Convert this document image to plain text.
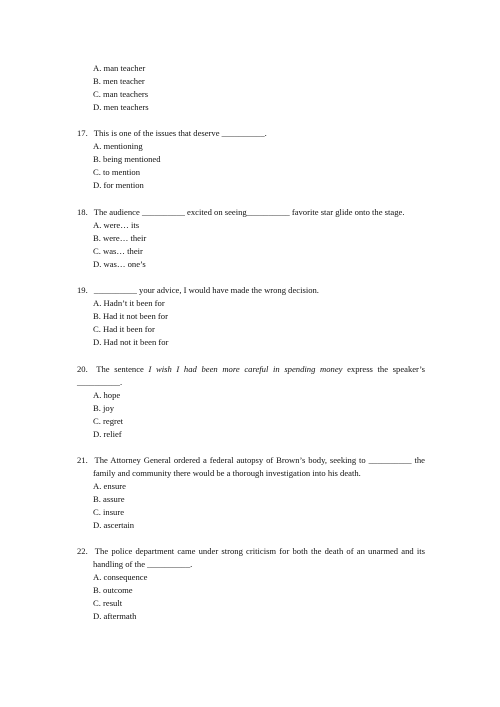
A. man teacher
B. men teacher
C. man teachers
D. men teachers
17. This is one of the issues that deserve __________.
A. mentioning
B. being mentioned
C. to mention
D. for mention
18. The audience __________ excited on seeing__________ favorite star glide onto the stage.
A. were… its
B. were… their
C. was… their
D. was… one’s
19. __________ your advice, I would have made the wrong decision.
A. Hadn’t it been for
B. Had it not been for
C. Had it been for
D. Had not it been for
20. The sentence I wish I had been more careful in spending money express the speaker’s
__________.
A. hope
B. joy
C. regret
D. relief
21. The Attorney General ordered a federal autopsy of Brown’s body, seeking to __________ the
family and community there would be a thorough investigation into his death.
A. ensure
B. assure
C. insure
D. ascertain
22. The police department came under strong criticism for both the death of an unarmed and its
handling of the __________.
A. consequence
B. outcome
C. result
D. aftermath
